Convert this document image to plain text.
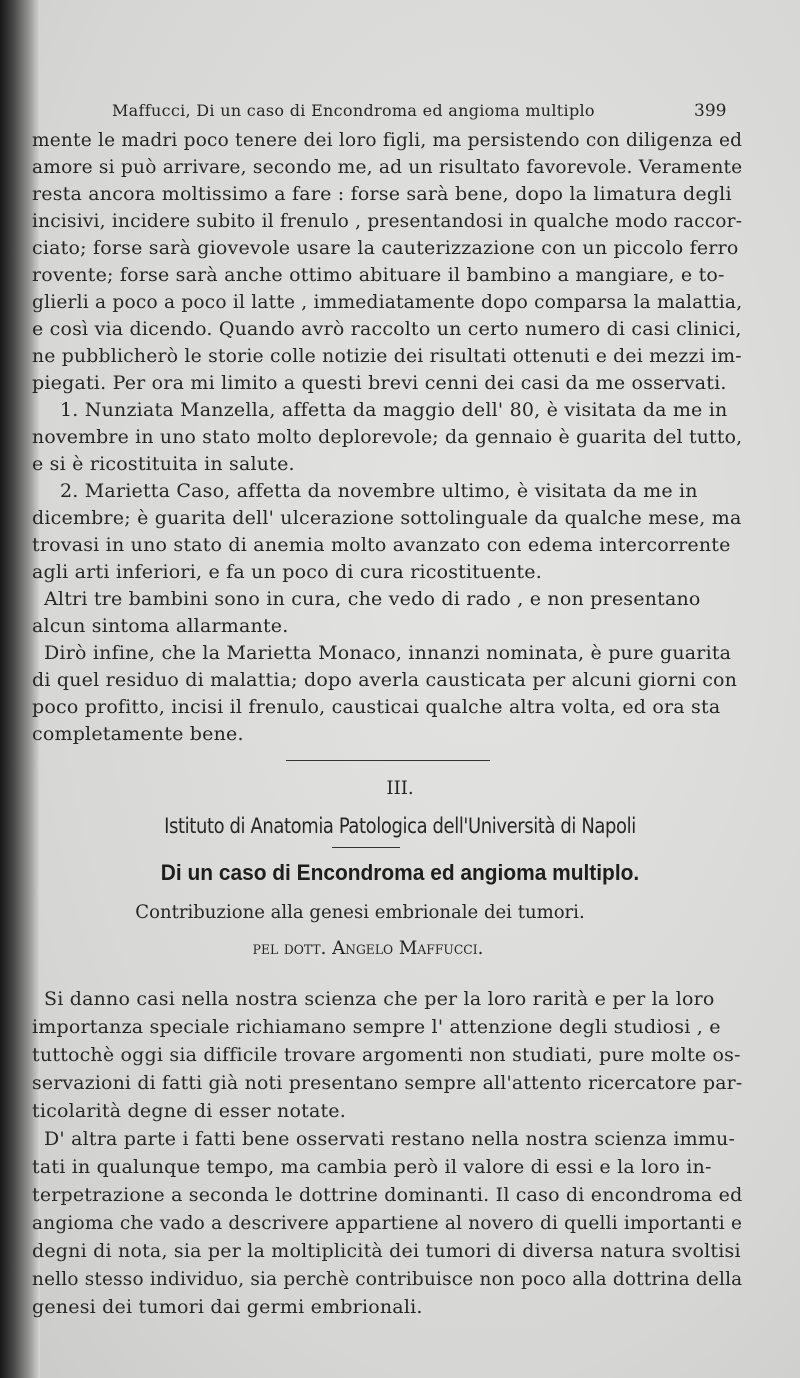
Maffucci, Di un caso di Encondroma ed angioma multiplo	399
mente le madri poco tenere dei loro figli, ma persistendo con diligenza ed
amore si può arrivare, secondo me, ad un risultato favorevole. Veramente
resta ancora moltissimo a fare : forse sarà bene, dopo la limatura degli
incisivi, incidere subito il frenulo , presentandosi in qualche modo raccor-
ciato; forse sarà giovevole usare la cauterizzazione con un piccolo ferro
rovente; forse sarà anche ottimo abituare il bambino a mangiare, e to-
glierli a poco a poco il latte , immediatamente dopo comparsa la malattia,
e così via dicendo. Quando avrò raccolto un certo numero di casi clinici,
ne pubblicherò le storie colle notizie dei risultati ottenuti e dei mezzi im-
piegati. Per ora mi limito a questi brevi cenni dei casi da me osservati.
1. Nunziata Manzella, affetta da maggio dell' 80, è visitata da me in
novembre in uno stato molto deplorevole; da gennaio è guarita del tutto,
e si è ricostituita in salute.
2. Marietta Caso, affetta da novembre ultimo, è visitata da me in
dicembre; è guarita dell' ulcerazione sottolinguale da qualche mese, ma
trovasi in uno stato di anemia molto avanzato con edema intercorrente
agli arti inferiori, e fa un poco di cura ricostituente.
Altri tre bambini sono in cura, che vedo di rado , e non presentano
alcun sintoma allarmante.
Dirò infine, che la Marietta Monaco, innanzi nominata, è pure guarita
di quel residuo di malattia; dopo averla causticata per alcuni giorni con
poco profitto, incisi il frenulo, causticai qualche altra volta, ed ora sta
completamente bene.
III.
Istituto di Anatomia Patologica dell'Università di Napoli
Di un caso di Encondroma ed angioma multiplo.
Contribuzione alla genesi embrionale dei tumori.
pel dott. Angelo Maffucci.
Si danno casi nella nostra scienza che per la loro rarità e per la loro
importanza speciale richiamano sempre l' attenzione degli studiosi , e
tuttochè oggi sia difficile trovare argomenti non studiati, pure molte os-
servazioni di fatti già noti presentano sempre all'attento ricercatore par-
ticolarità degne di esser notate.
D' altra parte i fatti bene osservati restano nella nostra scienza immu-
tati in qualunque tempo, ma cambia però il valore di essi e la loro in-
terpetrazione a seconda le dottrine dominanti. Il caso di encondroma ed
angioma che vado a descrivere appartiene al novero di quelli importanti e
degni di nota, sia per la moltiplicità dei tumori di diversa natura svoltisi
nello stesso individuo, sia perchè contribuisce non poco alla dottrina della
genesi dei tumori dai germi embrionali.
